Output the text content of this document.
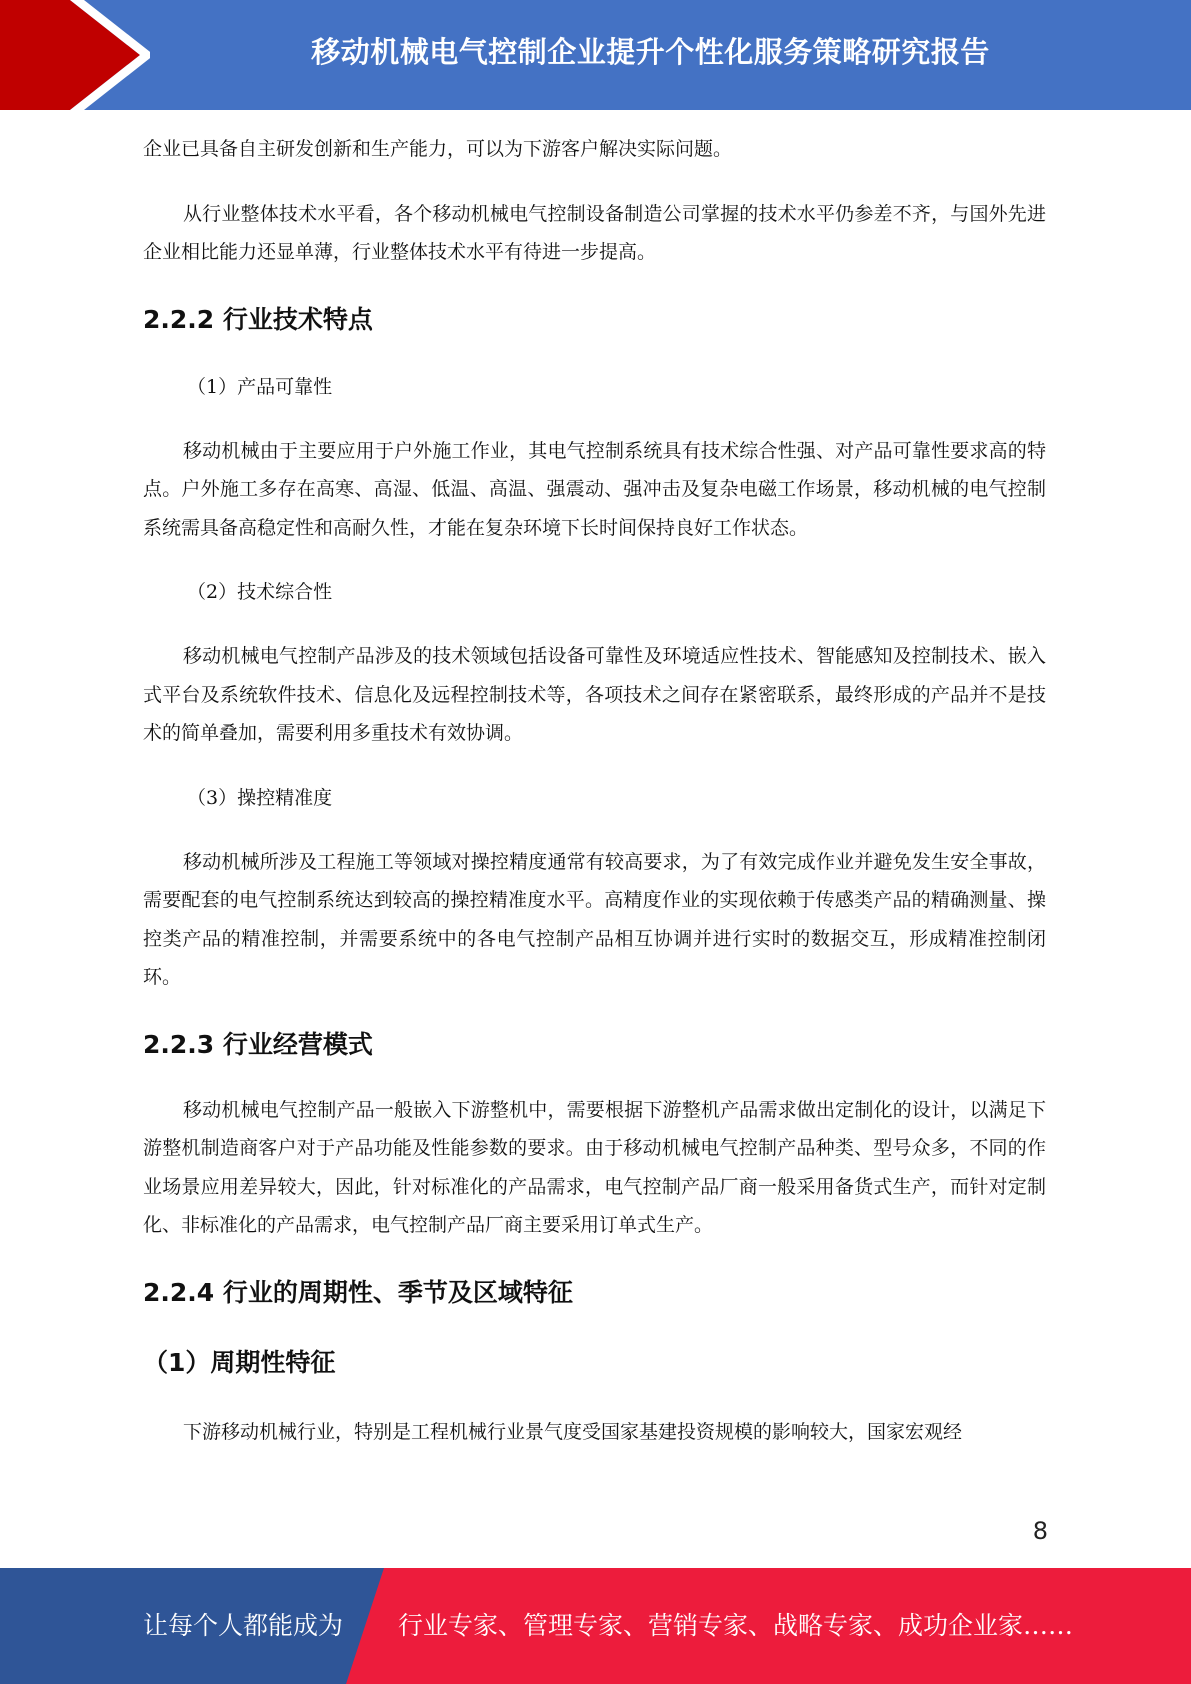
移动机械电气控制企业提升个性化服务策略研究报告

企业已具备自主研发创新和生产能力，可以为下游客户解决实际问题。

从行业整体技术水平看，各个移动机械电气控制设备制造公司掌握的技术水平仍参差不齐，与国外先进企业相比能力还显单薄，行业整体技术水平有待进一步提高。

2.2.2 行业技术特点

（1）产品可靠性

移动机械由于主要应用于户外施工作业，其电气控制系统具有技术综合性强、对产品可靠性要求高的特点。户外施工多存在高寒、高湿、低温、高温、强震动、强冲击及复杂电磁工作场景，移动机械的电气控制系统需具备高稳定性和高耐久性，才能在复杂环境下长时间保持良好工作状态。

（2）技术综合性

移动机械电气控制产品涉及的技术领域包括设备可靠性及环境适应性技术、智能感知及控制技术、嵌入式平台及系统软件技术、信息化及远程控制技术等，各项技术之间存在紧密联系，最终形成的产品并不是技术的简单叠加，需要利用多重技术有效协调。

（3）操控精准度

移动机械所涉及工程施工等领域对操控精度通常有较高要求，为了有效完成作业并避免发生安全事故，需要配套的电气控制系统达到较高的操控精准度水平。高精度作业的实现依赖于传感类产品的精确测量、操控类产品的精准控制，并需要系统中的各电气控制产品相互协调并进行实时的数据交互，形成精准控制闭环。

2.2.3 行业经营模式

移动机械电气控制产品一般嵌入下游整机中，需要根据下游整机产品需求做出定制化的设计，以满足下游整机制造商客户对于产品功能及性能参数的要求。由于移动机械电气控制产品种类、型号众多，不同的作业场景应用差异较大，因此，针对标准化的产品需求，电气控制产品厂商一般采用备货式生产，而针对定制化、非标准化的产品需求，电气控制产品厂商主要采用订单式生产。

2.2.4 行业的周期性、季节及区域特征
（1）周期性特征

下游移动机械行业，特别是工程机械行业景气度受国家基建投资规模的影响较大，国家宏观经

8
让每个人都能成为 行业专家、管理专家、营销专家、战略专家、成功企业家……
